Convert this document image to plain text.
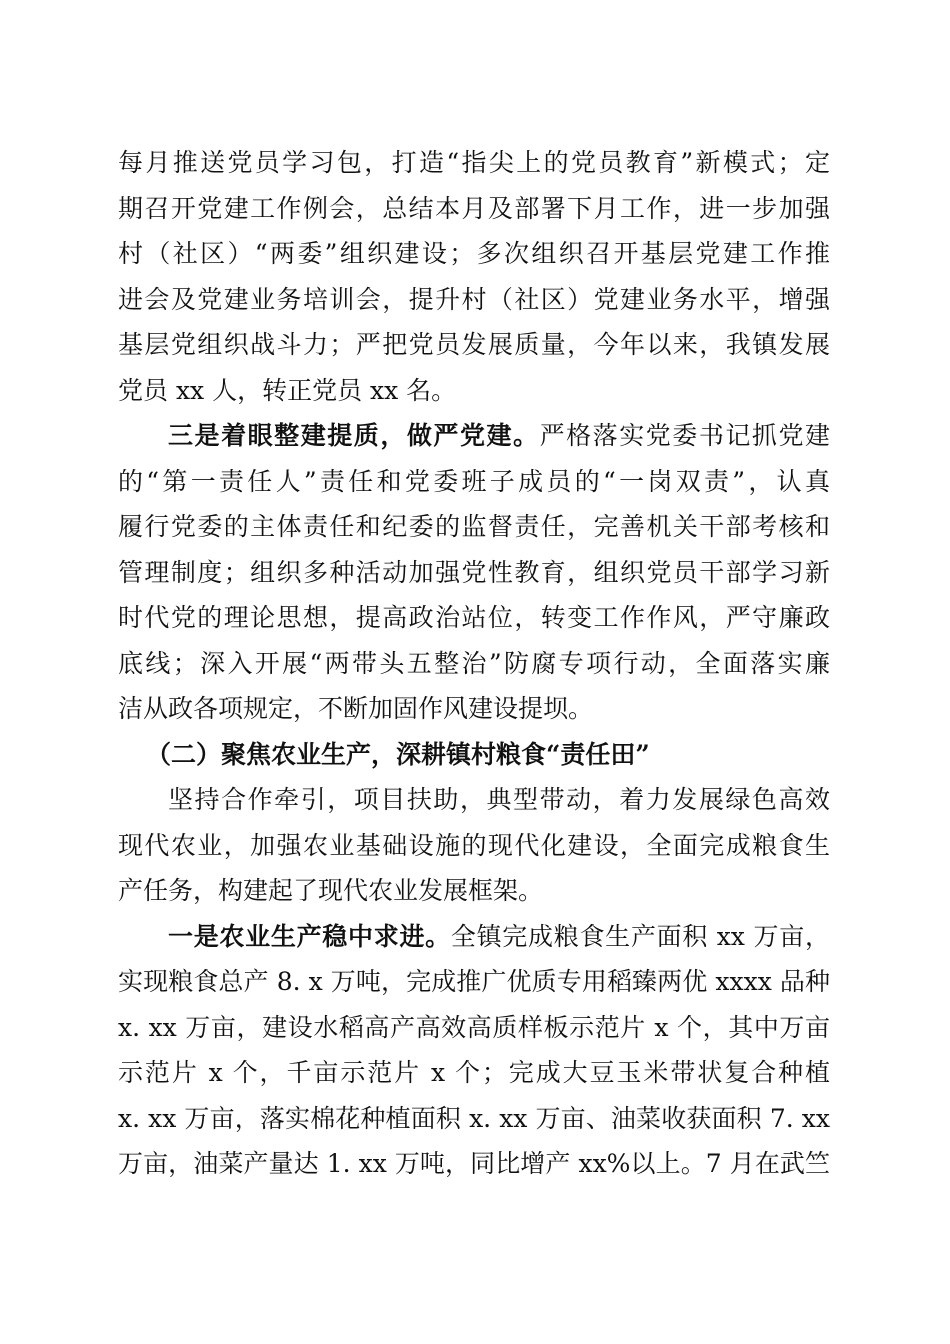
每月推送党员学习包，打造“指尖上的党员教育”新模式；定
期召开党建工作例会，总结本月及部署下月工作，进一步加强
村（社区）“两委”组织建设；多次组织召开基层党建工作推
进会及党建业务培训会，提升村（社区）党建业务水平，增强
基层党组织战斗力；严把党员发展质量，今年以来，我镇发展
党员 xx 人，转正党员 xx 名。
三是着眼整建提质，做严党建。严格落实党委书记抓党建
的“第一责任人”责任和党委班子成员的“一岗双责”，认真
履行党委的主体责任和纪委的监督责任，完善机关干部考核和
管理制度；组织多种活动加强党性教育，组织党员干部学习新
时代党的理论思想，提高政治站位，转变工作作风，严守廉政
底线；深入开展“两带头五整治”防腐专项行动，全面落实廉
洁从政各项规定，不断加固作风建设提坝。
（二）聚焦农业生产，深耕镇村粮食“责任田”
坚持合作牵引，项目扶助，典型带动，着力发展绿色高效
现代农业，加强农业基础设施的现代化建设，全面完成粮食生
产任务，构建起了现代农业发展框架。
一是农业生产稳中求进。全镇完成粮食生产面积 xx 万亩，
实现粮食总产 8. x 万吨，完成推广优质专用稻臻两优 xxxx 品种
x. xx 万亩，建设水稻高产高效高质样板示范片 x 个，其中万亩
示范片 x 个，千亩示范片 x 个；完成大豆玉米带状复合种植
x. xx 万亩，落实棉花种植面积 x. xx 万亩、油菜收获面积 7. xx
万亩，油菜产量达 1. xx 万吨，同比增产 xx%以上。7 月在武竺
